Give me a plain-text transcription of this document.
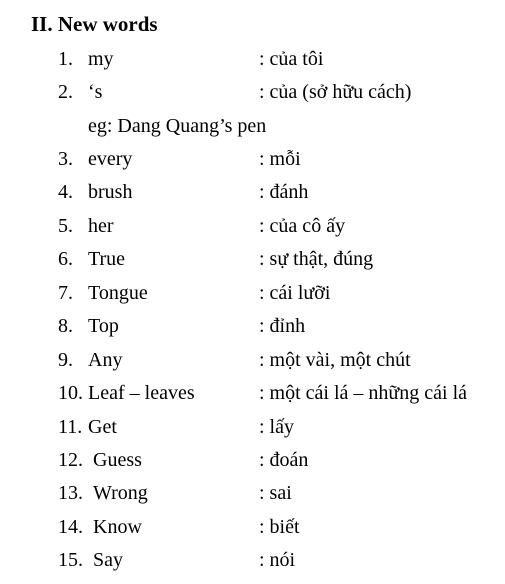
II. New words
1. my	: của tôi
2. ‘s	: của (sở hữu cách)
eg: Dang Quang’s pen
3. every	: mỗi
4. brush	: đánh
5. her	: của cô ấy
6. True	: sự thật, đúng
7. Tongue	: cái lưỡi
8. Top	: đỉnh
9. Any	: một vài, một chút
10. Leaf – leaves	: một cái lá – những cái lá
11. Get	: lấy
12. Guess	: đoán
13. Wrong	: sai
14. Know	: biết
15. Say	: nói
